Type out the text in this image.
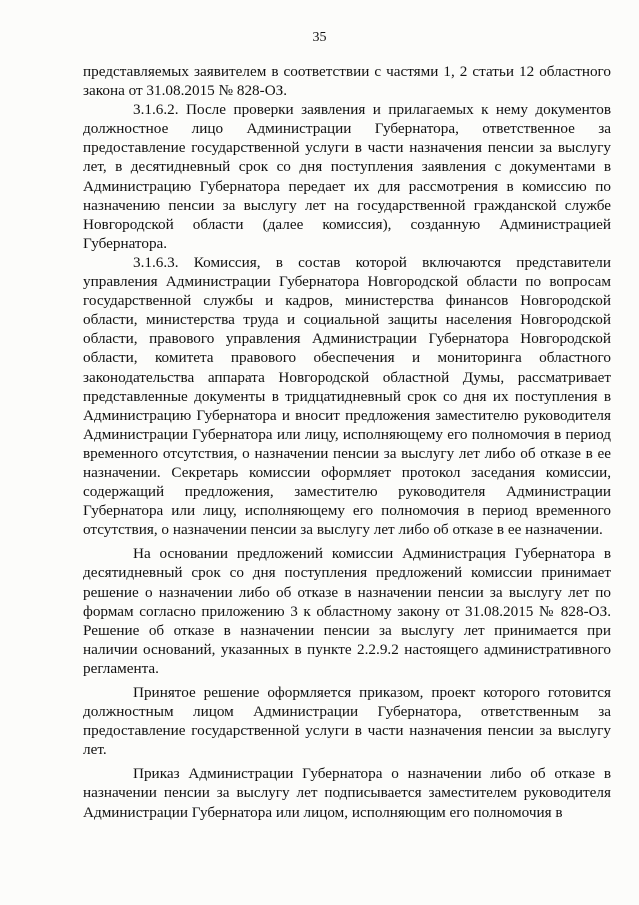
35

представляемых заявителем в соответствии с частями 1, 2 статьи 12 областного закона от 31.08.2015 № 828-ОЗ.

3.1.6.2. После проверки заявления и прилагаемых к нему документов должностное лицо Администрации Губернатора, ответственное за предоставление государственной услуги в части назначения пенсии за выслугу лет, в десятидневный срок со дня поступления заявления с документами в Администрацию Губернатора передает их для рассмотрения в комиссию по назначению пенсии за выслугу лет на государственной гражданской службе Новгородской области (далее комиссия), созданную Администрацией Губернатора.

3.1.6.3. Комиссия, в состав которой включаются представители управления Администрации Губернатора Новгородской области по вопросам государственной службы и кадров, министерства финансов Новгородской области, министерства труда и социальной защиты населения Новгородской области, правового управления Администрации Губернатора Новгородской области, комитета правового обеспечения и мониторинга областного законодательства аппарата Новгородской областной Думы, рассматривает представленные документы в тридцатидневный срок со дня их поступления в Администрацию Губернатора и вносит предложения заместителю руководителя Администрации Губернатора или лицу, исполняющему его полномочия в период временного отсутствия, о назначении пенсии за выслугу лет либо об отказе в ее назначении. Секретарь комиссии оформляет протокол заседания комиссии, содержащий предложения, заместителю руководителя Администрации Губернатора или лицу, исполняющему его полномочия в период временного отсутствия, о назначении пенсии за выслугу лет либо об отказе в ее назначении.

На основании предложений комиссии Администрация Губернатора в десятидневный срок со дня поступления предложений комиссии принимает решение о назначении либо об отказе в назначении пенсии за выслугу лет по формам согласно приложению 3 к областному закону от 31.08.2015 № 828-ОЗ. Решение об отказе в назначении пенсии за выслугу лет принимается при наличии оснований, указанных в пункте 2.2.9.2 настоящего административного регламента.

Принятое решение оформляется приказом, проект которого готовится должностным лицом Администрации Губернатора, ответственным за предоставление государственной услуги в части назначения пенсии за выслугу лет.

Приказ Администрации Губернатора о назначении либо об отказе в назначении пенсии за выслугу лет подписывается заместителем руководителя Администрации Губернатора или лицом, исполняющим его полномочия в
